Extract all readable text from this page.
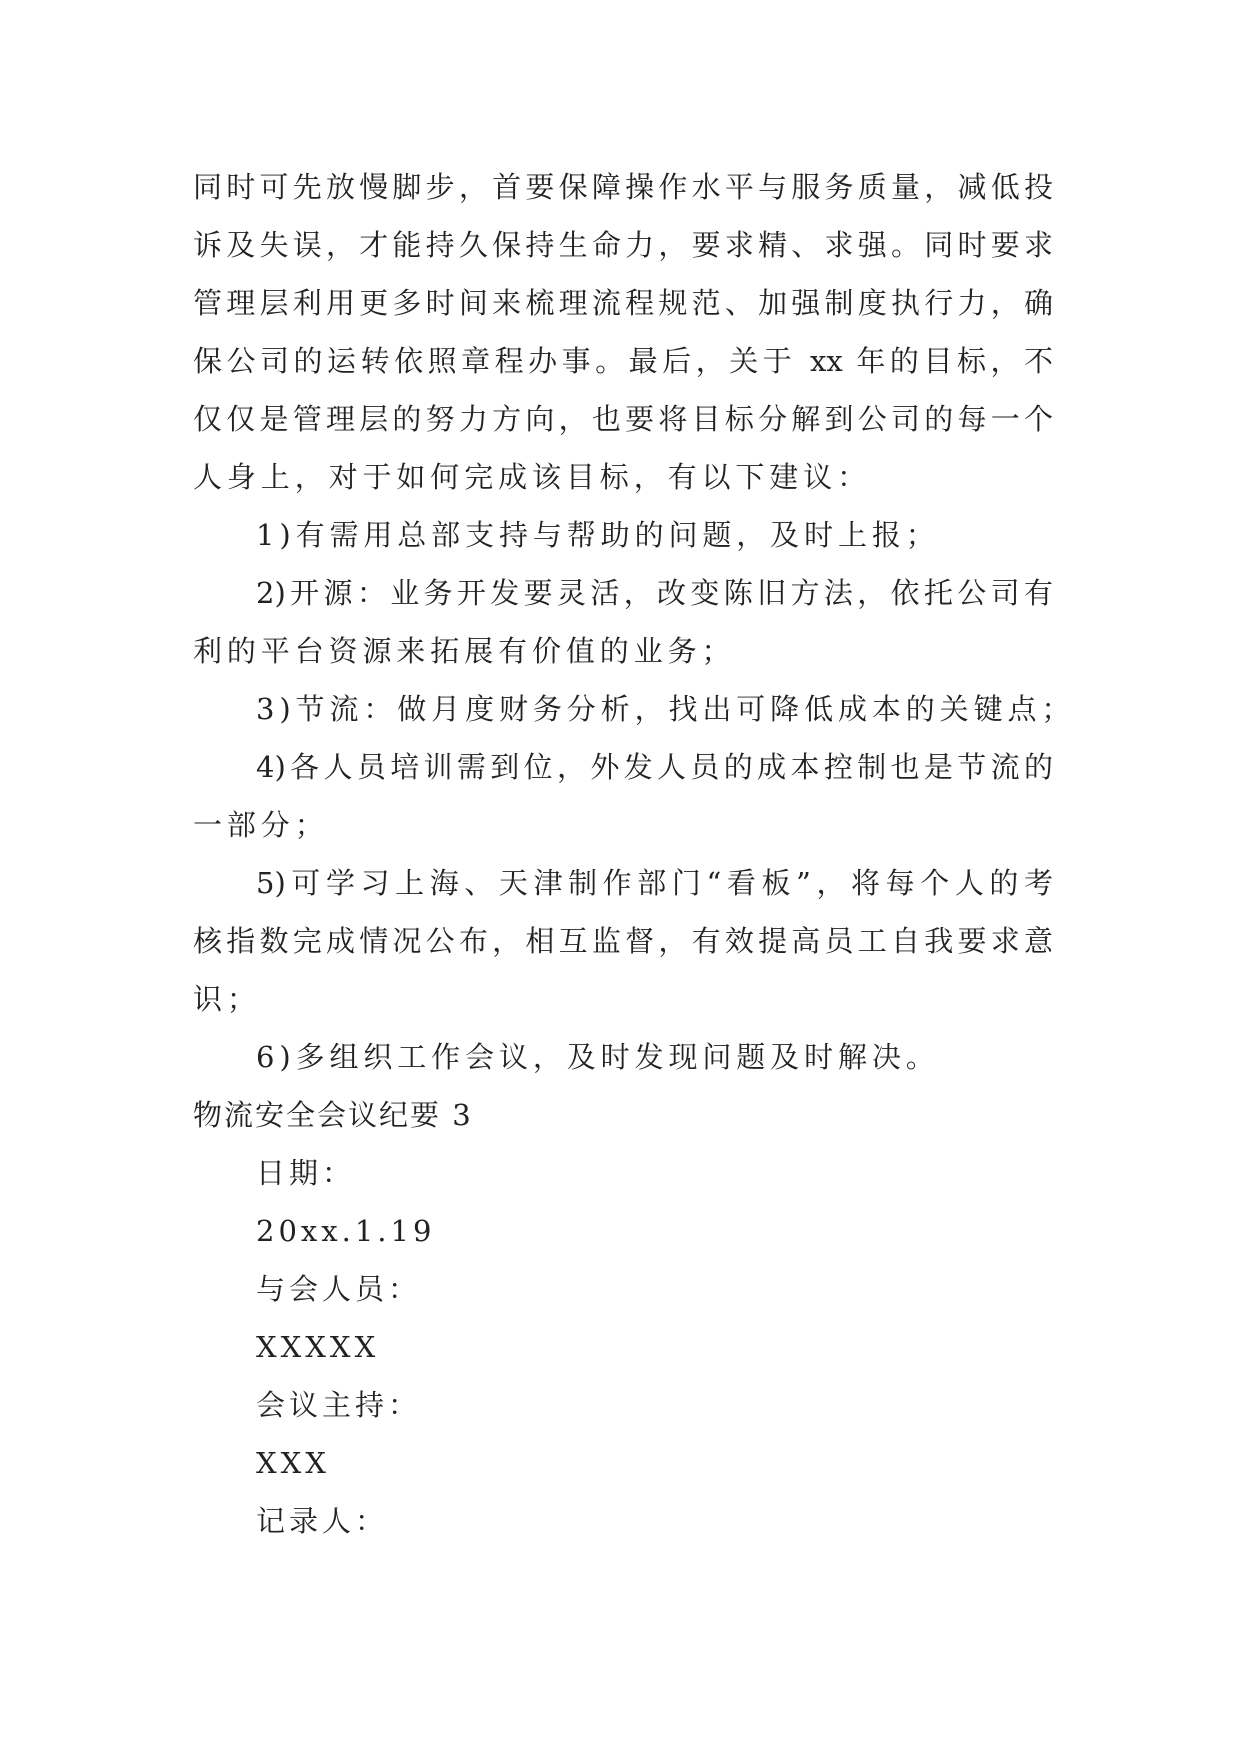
同时可先放慢脚步，首要保障操作水平与服务质量，减低投
诉及失误，才能持久保持生命力，要求精、求强。同时要求
管理层利用更多时间来梳理流程规范、加强制度执行力，确
保公司的运转依照章程办事。最后，关于 xx 年的目标，不
仅仅是管理层的努力方向，也要将目标分解到公司的每一个
人身上，对于如何完成该目标，有以下建议：
1)有需用总部支持与帮助的问题，及时上报；
2)开源：业务开发要灵活，改变陈旧方法，依托公司有
利的平台资源来拓展有价值的业务；
3)节流：做月度财务分析，找出可降低成本的关键点；
4)各人员培训需到位，外发人员的成本控制也是节流的
一部分；
5)可学习上海、天津制作部门“看板”，将每个人的考
核指数完成情况公布，相互监督，有效提高员工自我要求意
识；
6)多组织工作会议，及时发现问题及时解决。
物流安全会议纪要 3
日期：
20xx.1.19
与会人员：
XXXXX
会议主持：
XXX
记录人：
